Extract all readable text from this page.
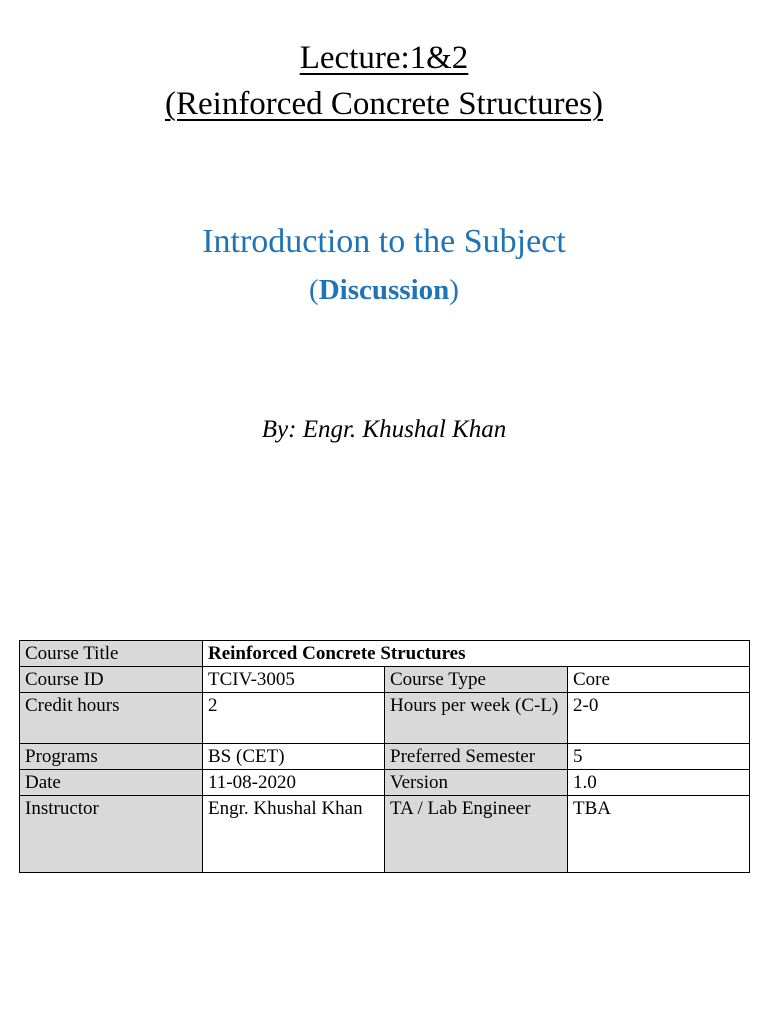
Lecture:1&2
(Reinforced Concrete Structures)
Introduction to the Subject
(Discussion)
By: Engr. Khushal Khan
Course Title	Reinforced Concrete Structures		
Course ID	TCIV-3005	Course Type	Core
Credit hours	2	Hours per week (C-L)	2-0
Programs	BS (CET)	Preferred Semester	5
Date	11-08-2020	Version	1.0
Instructor	Engr. Khushal Khan	TA / Lab Engineer	TBA
